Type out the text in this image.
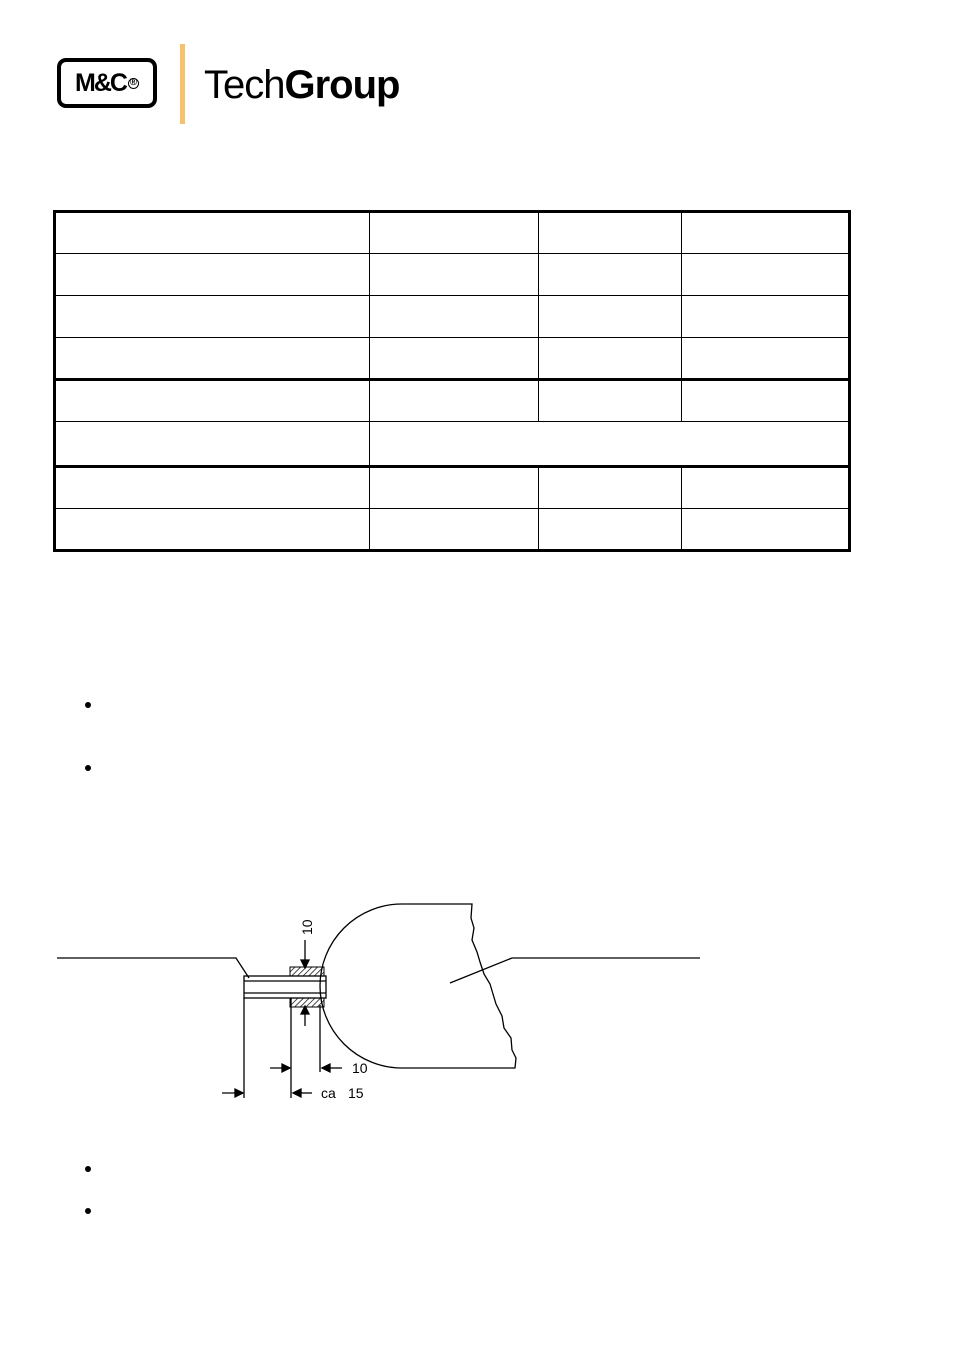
M&C ® TechGroup

10
10
ca 15
